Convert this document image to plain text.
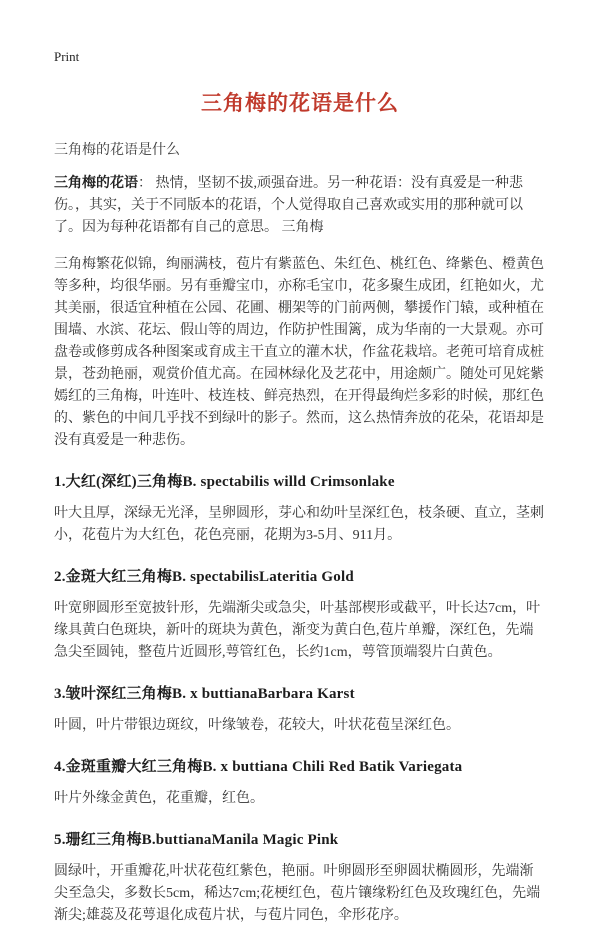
Print
三角梅的花语是什么
三角梅的花语是什么

三角梅的花语： 热情，坚韧不拔,顽强奋进。另一种花语：没有真爱是一种悲伤。，其实，关于不同版本的花语，个人觉得取自己喜欢或实用的那种就可以了。因为每种花语都有自己的意思。 三角梅

三角梅繁花似锦，绚丽满枝，苞片有紫蓝色、朱红色、桃红色、绛紫色、橙黄色等多种，均很华丽。另有垂瓣宝巾，亦称毛宝巾，花多聚生成团，红艳如火，尤其美丽，很适宜种植在公园、花圃、棚架等的门前两侧，攀援作门辕，或种植在围墙、水滨、花坛、假山等的周边，作防护性围篱，成为华南的一大景观。亦可盘卷或修剪成各种图案或育成主干直立的灌木状，作盆花栽培。老蔸可培育成桩景，苍劲艳丽，观赏价值尤高。在园林绿化及艺花中，用途颇广。随处可见姹紫嫣红的三角梅，叶连叶、枝连枝、鲜亮热烈，在开得最绚烂多彩的时候，那红色的、紫色的中间几乎找不到绿叶的影子。然而，这么热情奔放的花朵，花语却是没有真爱是一种悲伤。

1.大红(深红)三角梅B. spectabilis willd Crimsonlake

叶大且厚，深绿无光泽，呈卵圆形，芽心和幼叶呈深红色，枝条硬、直立，茎刺小，花苞片为大红色，花色亮丽，花期为3-5月、911月。

2.金斑大红三角梅B. spectabilisLateritia Gold

叶宽卵圆形至宽披针形，先端渐尖或急尖，叶基部楔形或截平，叶长达7cm，叶缘具黄白色斑块，新叶的斑块为黄色，渐变为黄白色,苞片单瓣，深红色，先端急尖至圆钝，整苞片近圆形,萼管红色，长约1cm，萼管顶端裂片白黄色。

3.皱叶深红三角梅B. x buttianaBarbara Karst

叶圆，叶片带银边斑纹，叶缘皱卷，花较大，叶状花苞呈深红色。

4.金斑重瓣大红三角梅B. x buttiana Chili Red Batik Variegata

叶片外缘金黄色，花重瓣，红色。

5.珊红三角梅B.buttianaManila Magic Pink

圆绿叶，开重瓣花,叶状花苞红紫色，艳丽。叶卵圆形至卵圆状椭圆形，先端渐尖至急尖，多数长5cm，稀达7cm;花梗红色，苞片镶缘粉红色及玫瑰红色，先端渐尖;雄蕊及花萼退化成苞片状，与苞片同色，伞形花序。
